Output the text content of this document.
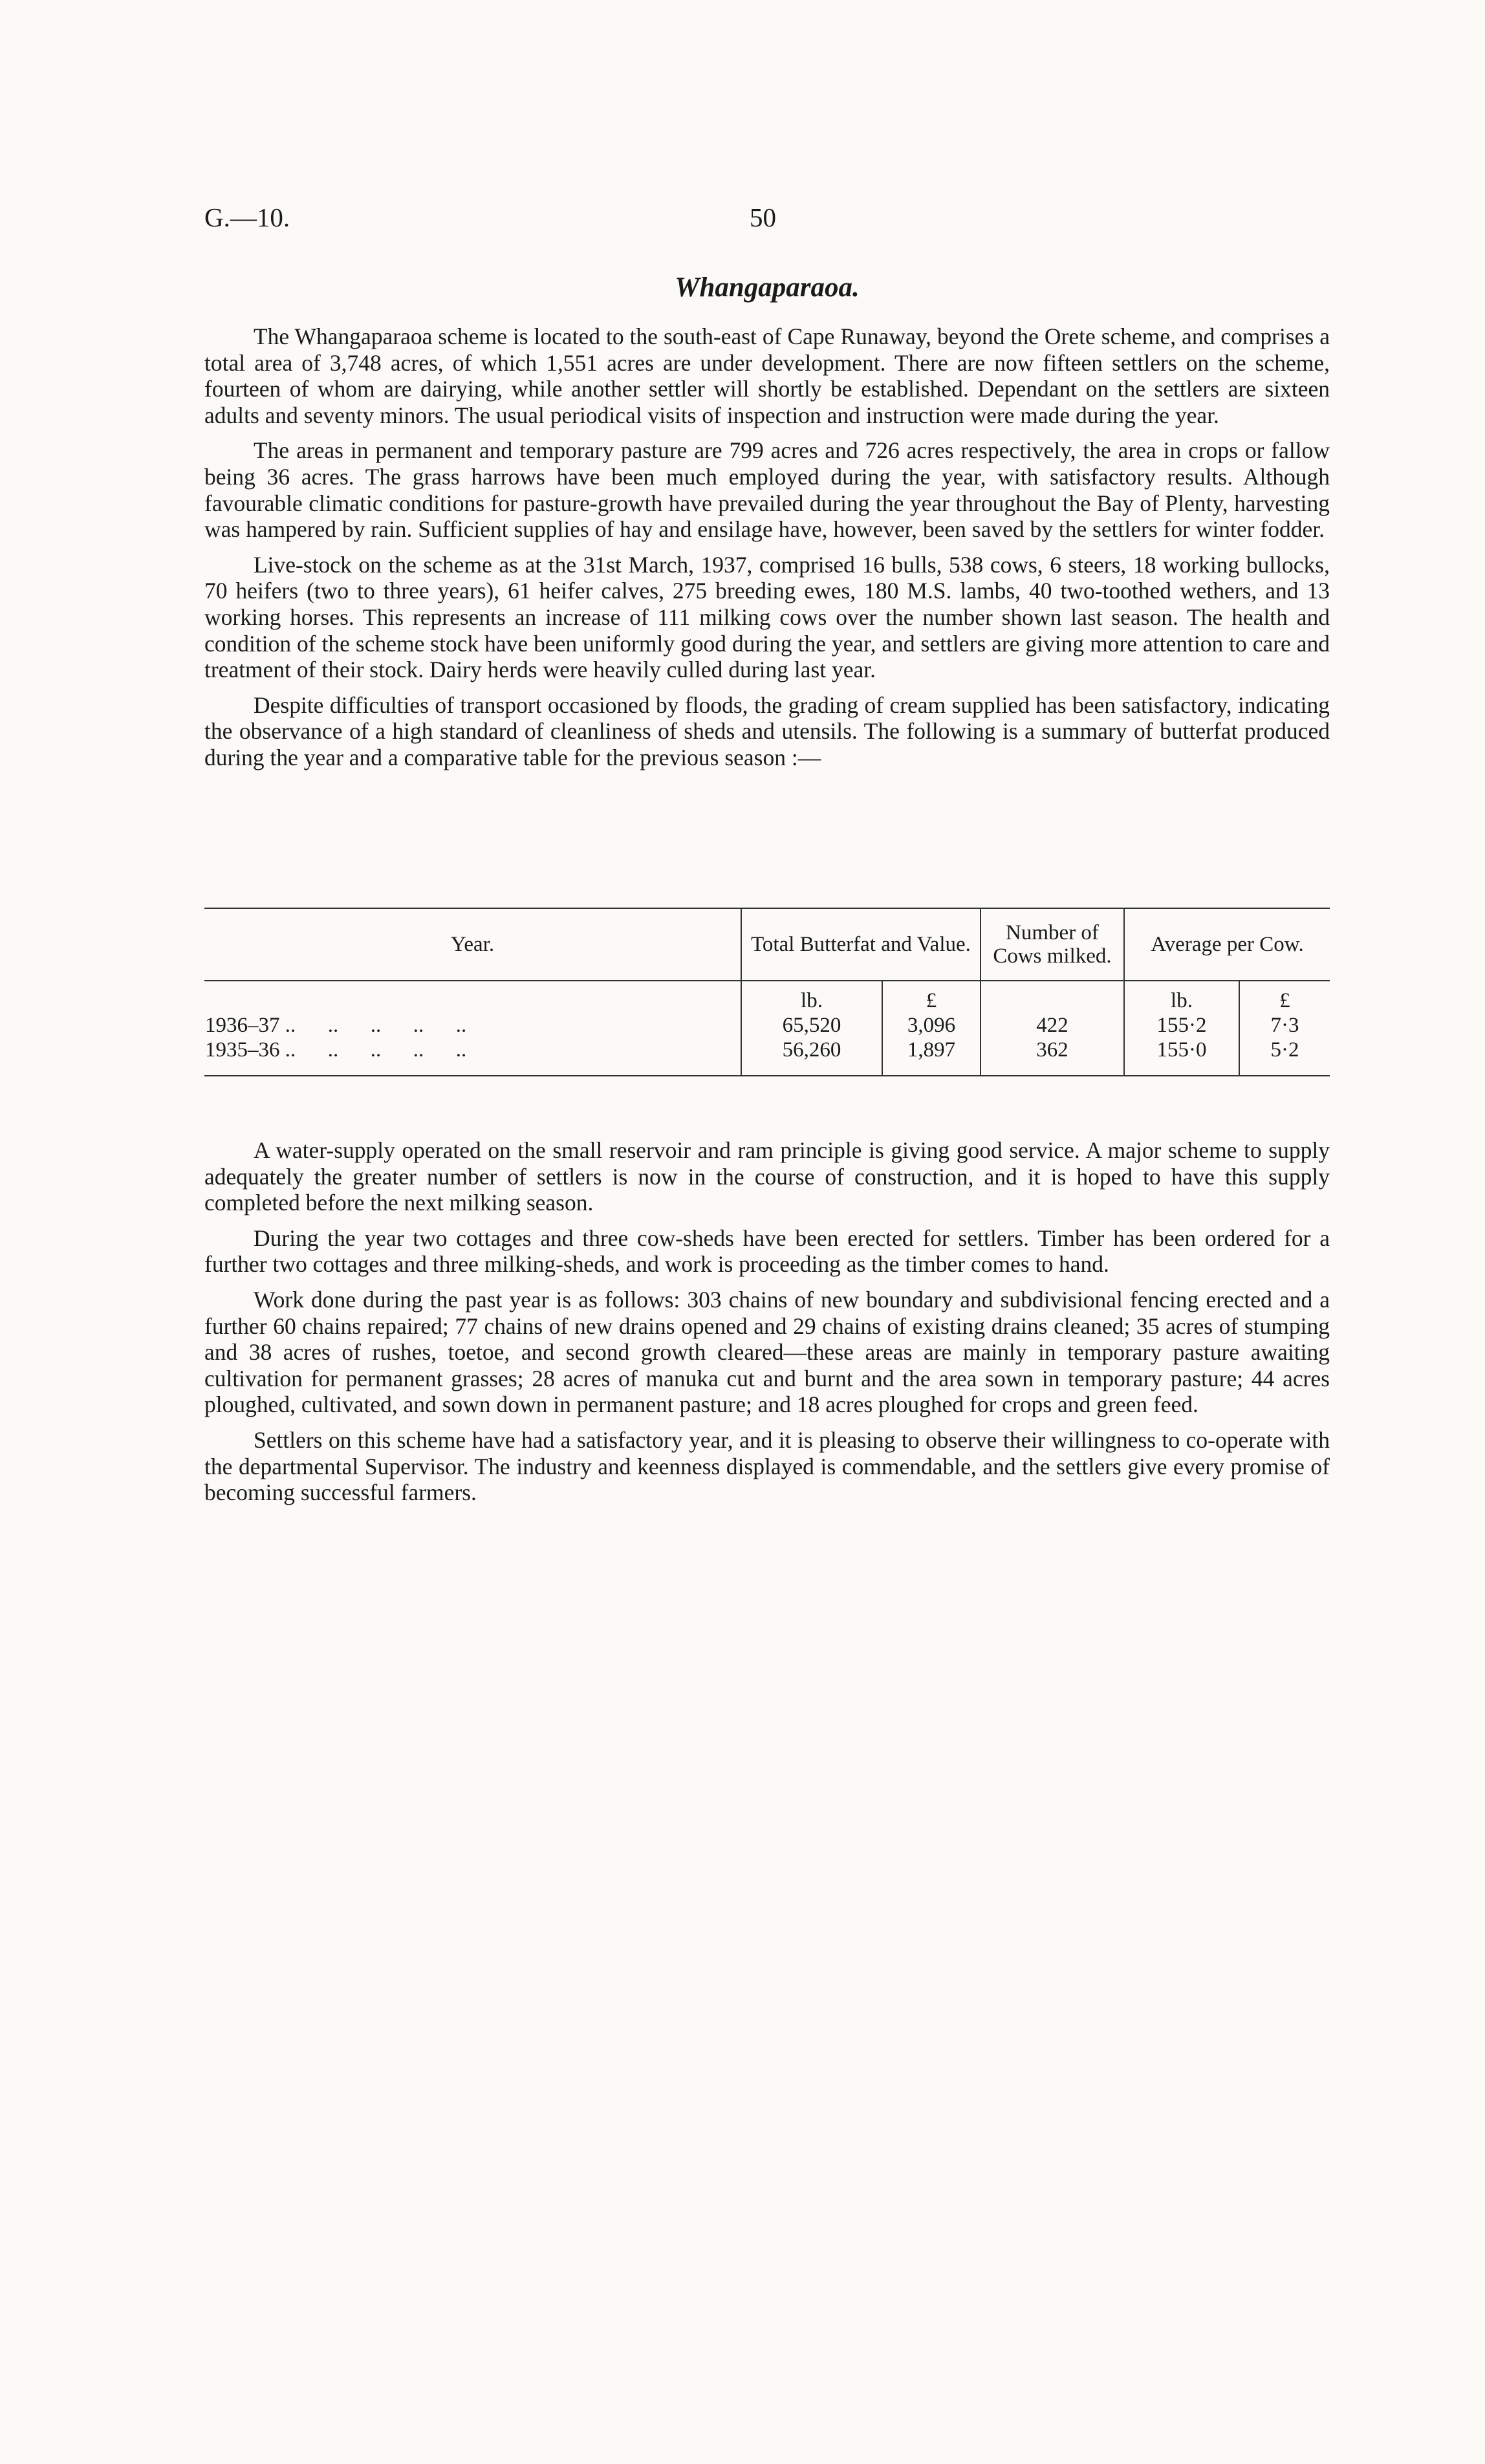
G.—10.	50
Whangaparaoa.

The Whangaparaoa scheme is located to the south-east of Cape Runaway, beyond the Orete scheme, and comprises a total area of 3,748 acres, of which 1,551 acres are under development. There are now fifteen settlers on the scheme, fourteen of whom are dairying, while another settler will shortly be established. Dependant on the settlers are sixteen adults and seventy minors. The usual periodical visits of inspection and instruction were made during the year.

The areas in permanent and temporary pasture are 799 acres and 726 acres respectively, the area in crops or fallow being 36 acres. The grass harrows have been much employed during the year, with satisfactory results. Although favourable climatic conditions for pasture-growth have prevailed during the year throughout the Bay of Plenty, harvesting was hampered by rain. Sufficient supplies of hay and ensilage have, however, been saved by the settlers for winter fodder.

Live-stock on the scheme as at the 31st March, 1937, comprised 16 bulls, 538 cows, 6 steers, 18 working bullocks, 70 heifers (two to three years), 61 heifer calves, 275 breeding ewes, 180 M.S. lambs, 40 two-toothed wethers, and 13 working horses. This represents an increase of 111 milking cows over the number shown last season. The health and condition of the scheme stock have been uniformly good during the year, and settlers are giving more attention to care and treatment of their stock. Dairy herds were heavily culled during last year.

Despite difficulties of transport occasioned by floods, the grading of cream supplied has been satisfactory, indicating the observance of a high standard of cleanliness of sheds and utensils. The following is a summary of butterfat produced during the year and a comparative table for the previous season :—

Year.	Total Butterfat and Value.		Number of Cows milked.	Average per Cow.	
	lb.	£		lb.	£
1936–37 ..      ..      ..      ..      ..	65,520	3,096	422	155·2	7·3
1935–36 ..      ..      ..      ..      ..	56,260	1,897	362	155·0	5·2

A water-supply operated on the small reservoir and ram principle is giving good service. A major scheme to supply adequately the greater number of settlers is now in the course of construction, and it is hoped to have this supply completed before the next milking season.

During the year two cottages and three cow-sheds have been erected for settlers. Timber has been ordered for a further two cottages and three milking-sheds, and work is proceeding as the timber comes to hand.

Work done during the past year is as follows: 303 chains of new boundary and subdivisional fencing erected and a further 60 chains repaired; 77 chains of new drains opened and 29 chains of existing drains cleaned; 35 acres of stumping and 38 acres of rushes, toetoe, and second growth cleared—these areas are mainly in temporary pasture awaiting cultivation for permanent grasses; 28 acres of manuka cut and burnt and the area sown in temporary pasture; 44 acres ploughed, cultivated, and sown down in permanent pasture; and 18 acres ploughed for crops and green feed.

Settlers on this scheme have had a satisfactory year, and it is pleasing to observe their willingness to co-operate with the departmental Supervisor. The industry and keenness displayed is commendable, and the settlers give every promise of becoming successful farmers.
